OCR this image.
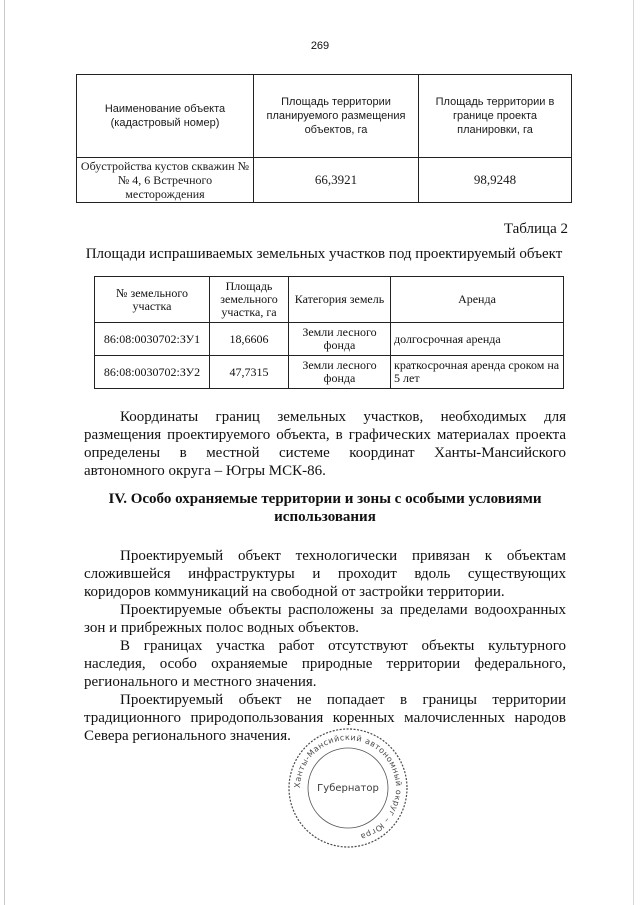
269
Наименование объекта (кадастровый номер)	Площадь территории планируемого размещения объектов, га	Площадь территории в границе проекта планировки, га
Обустройства кустов скважин №№ 4, 6 Встречного месторождения	66,3921	98,9248
Таблица 2
Площади испрашиваемых земельных участков под проектируемый объект
№ земельного участка	Площадь земельного участка, га	Категория земель	Аренда
86:08:0030702:ЗУ1	18,6606	Земли лесного фонда	долгосрочная аренда
86:08:0030702:ЗУ2	47,7315	Земли лесного фонда	краткосрочная аренда сроком на 5 лет
Координаты границ земельных участков, необходимых для размещения проектируемого объекта, в графических материалах проекта определены в местной системе координат Ханты-Мансийского автономного округа – Югры МСК-86.
IV. Особо охраняемые территории и зоны с особыми условиями использования
Проектируемый объект технологически привязан к объектам сложившейся инфраструктуры и проходит вдоль существующих коридоров коммуникаций на свободной от застройки территории.
Проектируемые объекты расположены за пределами водоохранных зон и прибрежных полос водных объектов.
В границах участка работ отсутствуют объекты культурного наследия, особо охраняемые природные территории федерального, регионального и местного значения.
Проектируемый объект не попадает в границы территории традиционного природопользования коренных малочисленных народов Севера регионального значения.
Ханты-Мансийский автономный округ – Югра
Губернатор
